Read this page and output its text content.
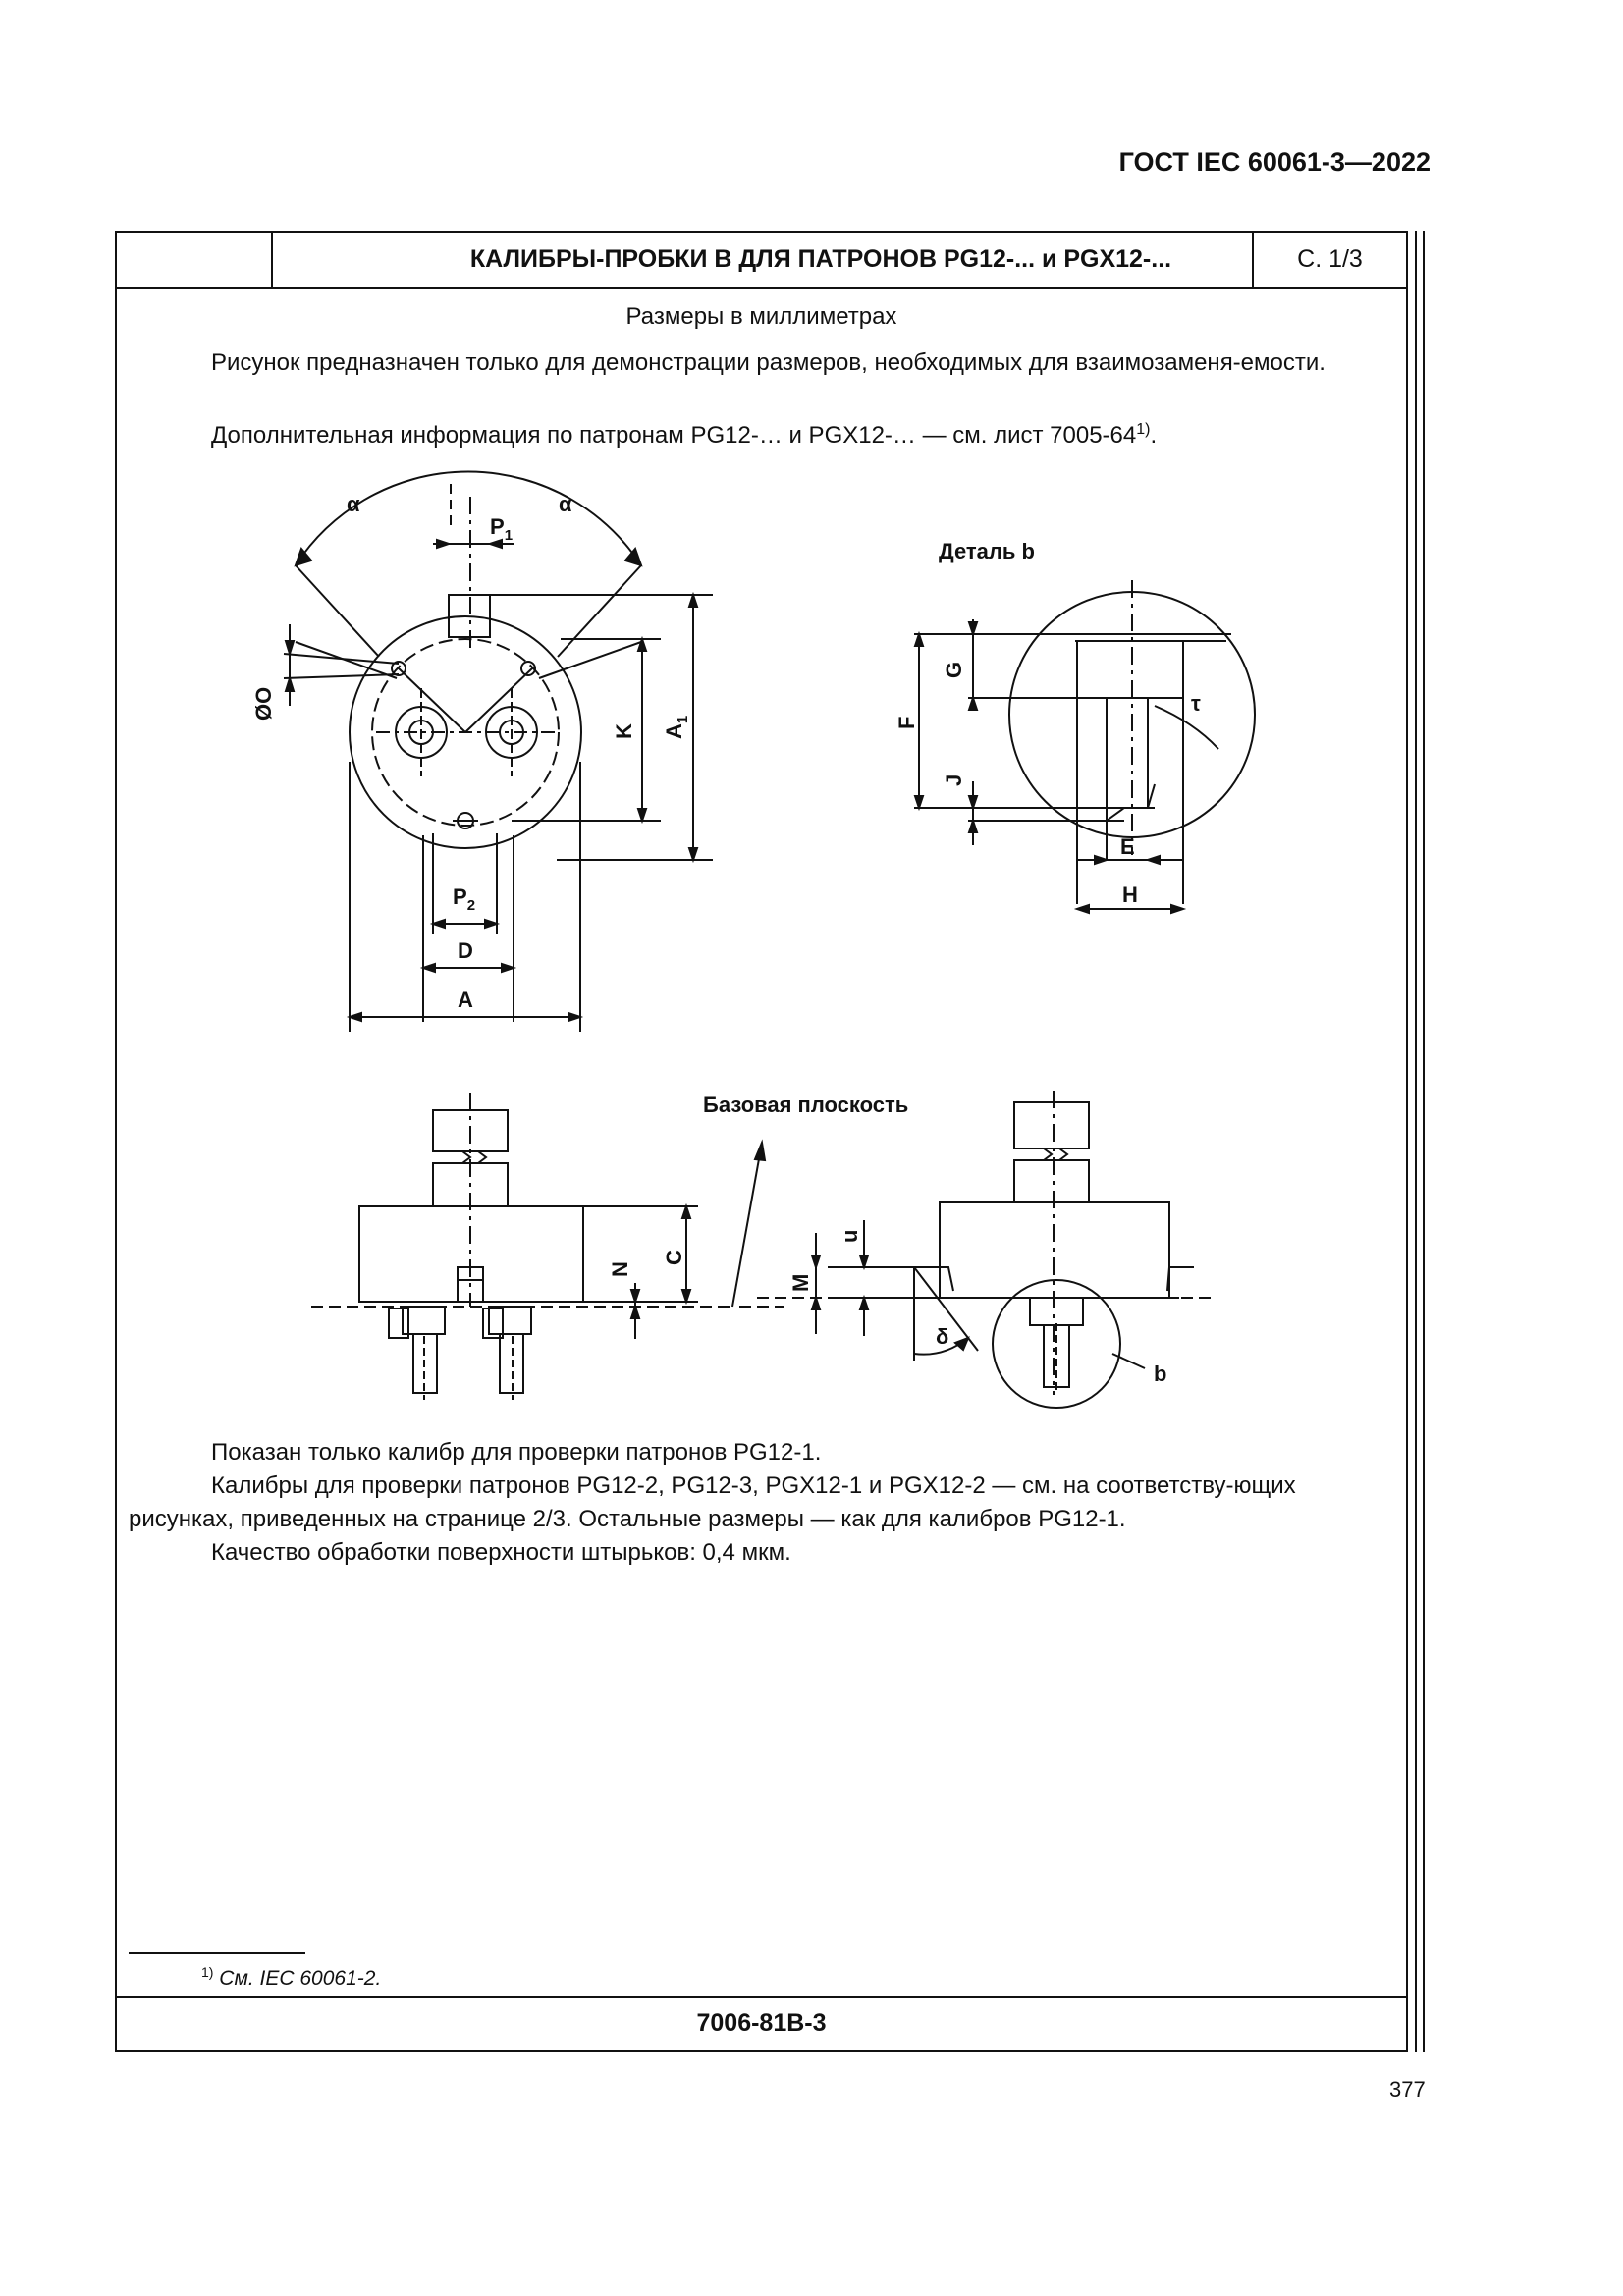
ГОСТ IEC 60061-3—2022
КАЛИБРЫ-ПРОБКИ B ДЛЯ ПАТРОНОВ PG12-... и PGX12-...	С. 1/3
Размеры в миллиметрах
Рисунок предназначен только для демонстрации размеров, необходимых для взаимозаменя-емости.
Дополнительная информация по патронам PG12-… и PGX12-… — см. лист 7005-64$^{1)}$.
α	α
$P_1$
ØO
K $A_1$
$P_2$
D
A
Деталь b
G
F
J
τ
E
H
Базовая плоскость
C
N
u
M
δ
b
Показан только калибр для проверки патронов PG12-1.
Калибры для проверки патронов PG12-2, PG12-3, PGX12-1 и PGX12-2 — см. на соответству-ющих рисунках, приведенных на странице 2/3. Остальные размеры — как для калибров PG12-1.
Качество обработки поверхности штырьков: 0,4 мкм.
$^{1)}$ См. IEC 60061-2.
7006-81B-3
377
